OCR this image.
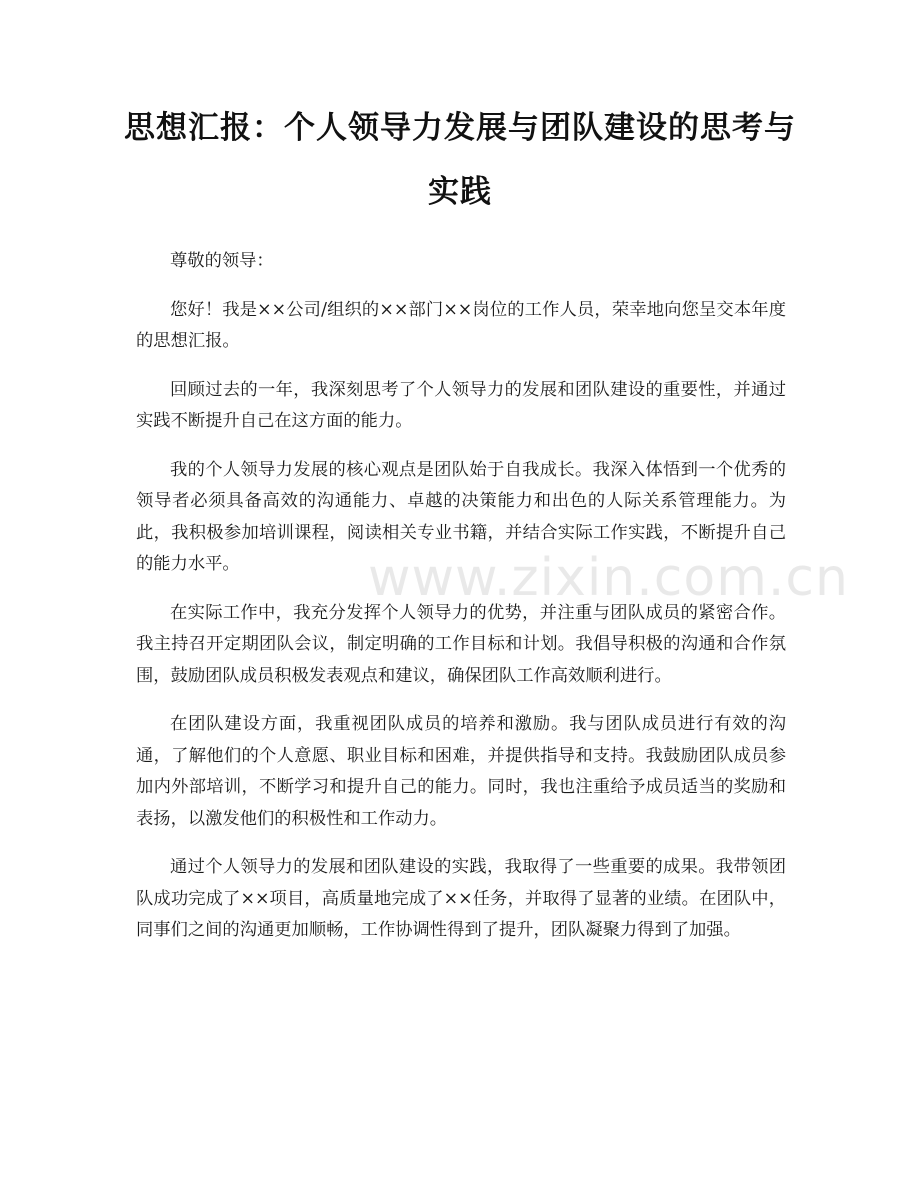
思想汇报：个人领导力发展与团队建设的思考与实践

尊敬的领导：

您好！我是××公司/组织的××部门××岗位的工作人员，荣幸地向您呈交本年度的思想汇报。

回顾过去的一年，我深刻思考了个人领导力的发展和团队建设的重要性，并通过实践不断提升自己在这方面的能力。

我的个人领导力发展的核心观点是团队始于自我成长。我深入体悟到一个优秀的领导者必须具备高效的沟通能力、卓越的决策能力和出色的人际关系管理能力。为此，我积极参加培训课程，阅读相关专业书籍，并结合实际工作实践，不断提升自己的能力水平。

在实际工作中，我充分发挥个人领导力的优势，并注重与团队成员的紧密合作。我主持召开定期团队会议，制定明确的工作目标和计划。我倡导积极的沟通和合作氛围，鼓励团队成员积极发表观点和建议，确保团队工作高效顺利进行。

在团队建设方面，我重视团队成员的培养和激励。我与团队成员进行有效的沟通，了解他们的个人意愿、职业目标和困难，并提供指导和支持。我鼓励团队成员参加内外部培训，不断学习和提升自己的能力。同时，我也注重给予成员适当的奖励和表扬，以激发他们的积极性和工作动力。

通过个人领导力的发展和团队建设的实践，我取得了一些重要的成果。我带领团队成功完成了××项目，高质量地完成了××任务，并取得了显著的业绩。在团队中，同事们之间的沟通更加顺畅，工作协调性得到了提升，团队凝聚力得到了加强。

www.zixin.com.cn
